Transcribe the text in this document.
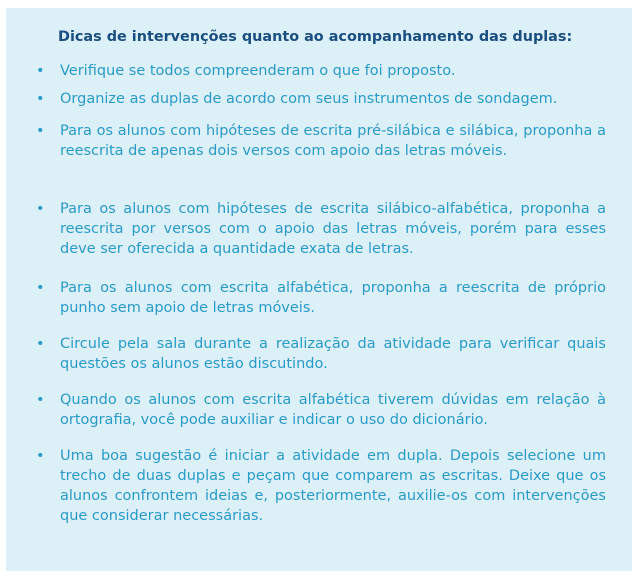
Dicas de intervenções quanto ao acompanhamento das duplas:
• Verifique se todos compreenderam o que foi proposto.
• Organize as duplas de acordo com seus instrumentos de sondagem.
• Para os alunos com hipóteses de escrita pré-silábica e silábica, proponha a reescrita de apenas dois versos com apoio das letras móveis.
• Para os alunos com hipóteses de escrita silábico-alfabética, proponha a reescrita por versos com o apoio das letras móveis, porém para esses deve ser oferecida a quantidade exata de letras.
• Para os alunos com escrita alfabética, proponha a reescrita de próprio punho sem apoio de letras móveis.
• Circule pela sala durante a realização da atividade para verificar quais questões os alunos estão discutindo.
• Quando os alunos com escrita alfabética tiverem dúvidas em relação à ortografia, você pode auxiliar e indicar o uso do dicionário.
• Uma boa sugestão é iniciar a atividade em dupla. Depois selecione um trecho de duas duplas e peçam que comparem as escritas. Deixe que os alunos confrontem ideias e, posteriormente, auxilie-os com intervenções que considerar necessárias.
